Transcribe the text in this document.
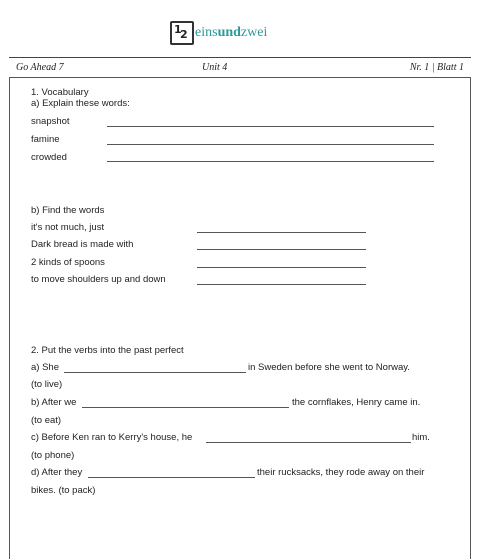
1
2 einsundzwei
Go Ahead 7	Unit 4	Nr. 1 | Blatt 1
1. Vocabulary
a) Explain these words:
snapshot
famine
crowded
b) Find the words
it's not much, just
Dark bread is made with
2 kinds of spoons
to move shoulders up and down
2. Put the verbs into the past perfect
a) She	in Sweden before she went to Norway.
(to live)
b) After we	the cornflakes, Henry came in.
(to eat)
c) Before Ken ran to Kerry's house, he	him.
(to phone)
d) After they	their rucksacks, they rode away on their
bikes. (to pack)
